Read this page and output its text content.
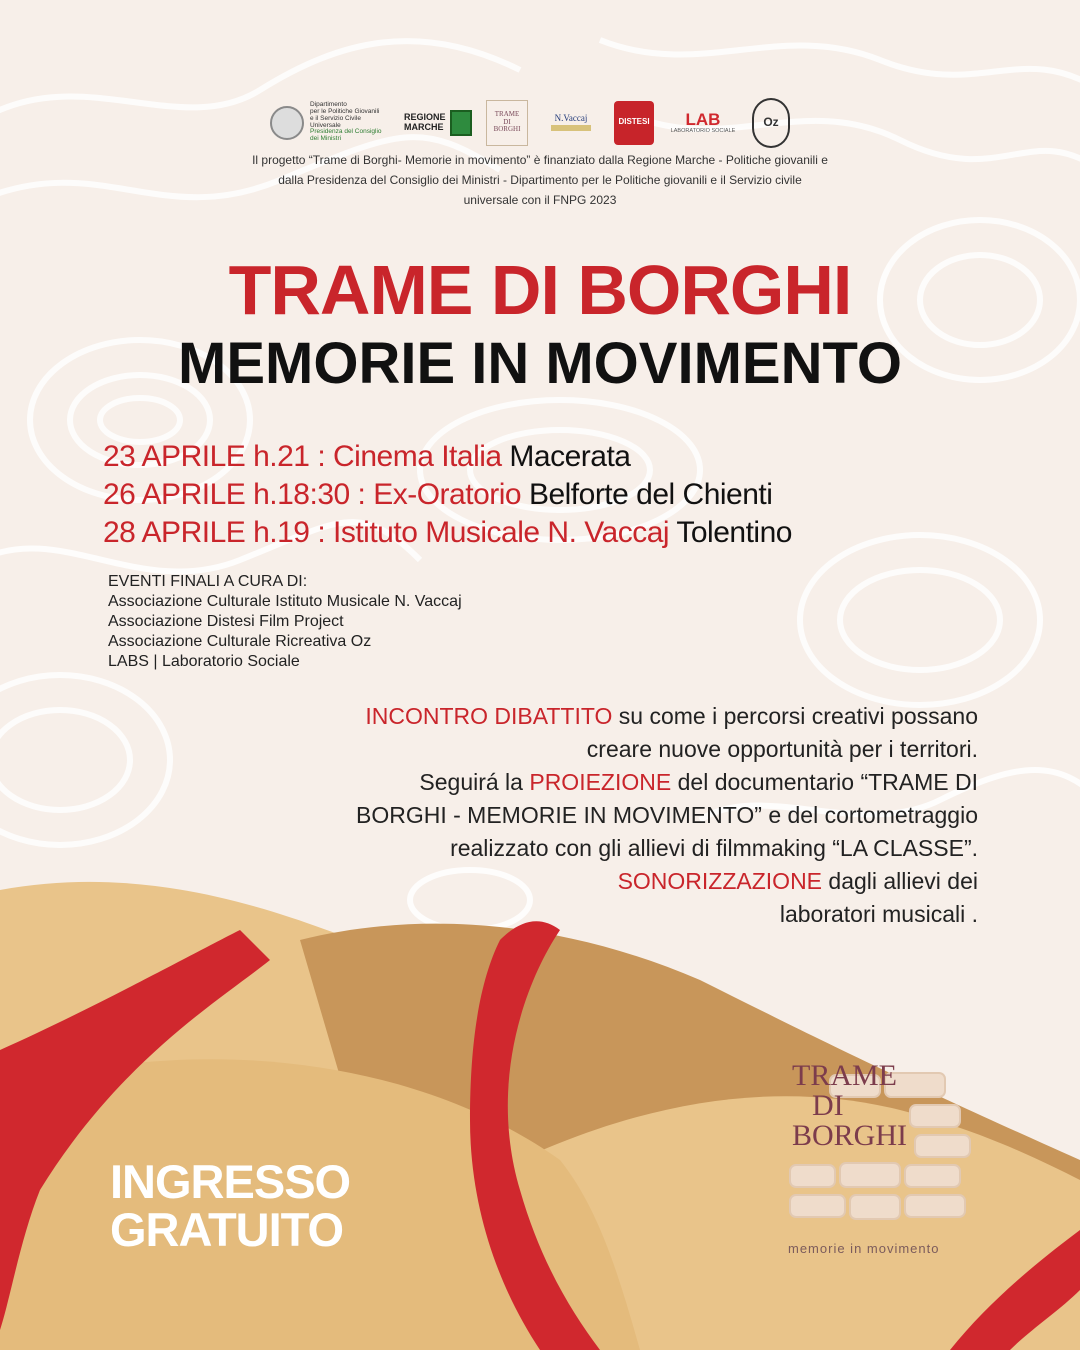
Dipartimento
per le Politiche Giovanili
e il Servizio Civile Universale
Presidenza del Consiglio dei Ministri
REGIONE
MARCHE
TRAME
DI
BORGHI
N.Vaccaj	DISTESI LAB
LABORATORIO SOCIALE
Oz
Il progetto “Trame di Borghi- Memorie in movimento” è finanziato dalla Regione Marche - Politiche giovanili e dalla Presidenza del Consiglio dei Ministri - Dipartimento per le Politiche giovanili e il Servizio civile universale con il FNPG 2023
TRAME DI BORGHI
MEMORIE IN MOVIMENTO
23 APRILE h.21 : Cinema Italia Macerata
26 APRILE h.18:30 : Ex-Oratorio Belforte del Chienti
28 APRILE h.19 : Istituto Musicale N. Vaccaj Tolentino
EVENTI FINALI A CURA DI:
Associazione Culturale Istituto Musicale N. Vaccaj
Associazione Distesi Film Project
Associazione Culturale Ricreativa Oz
LABS | Laboratorio Sociale
INCONTRO DIBATTITO su come i percorsi creativi possano
creare nuove opportunità per i territori.
Seguirá la PROIEZIONE del documentario “TRAME DI
BORGHI - MEMORIE IN MOVIMENTO” e del cortometraggio
realizzato con gli allievi di filmmaking “LA CLASSE”.
SONORIZZAZIONE dagli allievi dei
laboratori musicali .
INGRESSO
GRATUITO
TRAME
DI
BORGHI
memorie in movimento
